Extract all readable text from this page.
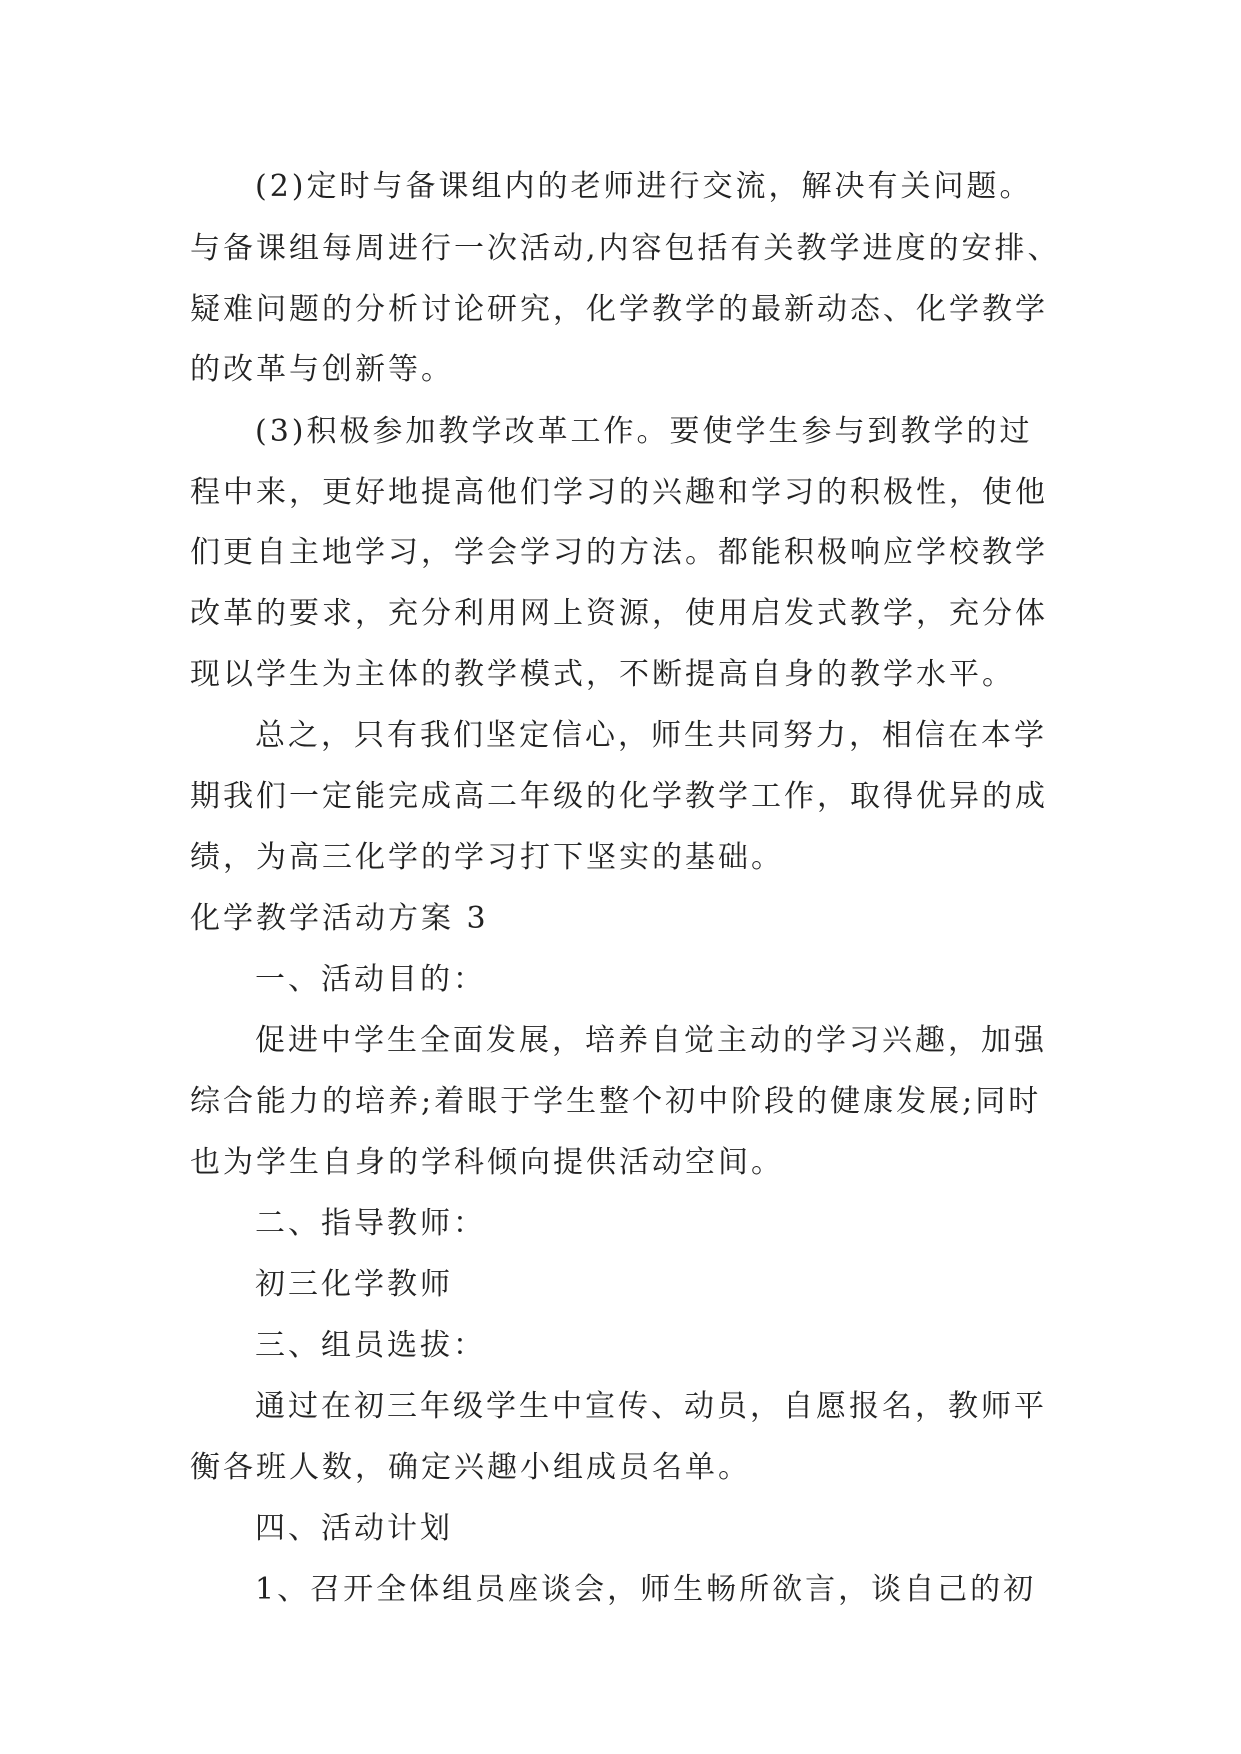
(2)定时与备课组内的老师进行交流，解决有关问题。
与备课组每周进行一次活动,内容包括有关教学进度的安排、
疑难问题的分析讨论研究，化学教学的最新动态、化学教学
的改革与创新等。
(3)积极参加教学改革工作。要使学生参与到教学的过
程中来，更好地提高他们学习的兴趣和学习的积极性，使他
们更自主地学习，学会学习的方法。都能积极响应学校教学
改革的要求，充分利用网上资源，使用启发式教学，充分体
现以学生为主体的教学模式，不断提高自身的教学水平。
总之，只有我们坚定信心，师生共同努力，相信在本学
期我们一定能完成高二年级的化学教学工作，取得优异的成
绩，为高三化学的学习打下坚实的基础。
化学教学活动方案 3
一、活动目的：
促进中学生全面发展，培养自觉主动的学习兴趣，加强
综合能力的培养;着眼于学生整个初中阶段的健康发展;同时
也为学生自身的学科倾向提供活动空间。
二、指导教师：
初三化学教师
三、组员选拔：
通过在初三年级学生中宣传、动员，自愿报名，教师平
衡各班人数，确定兴趣小组成员名单。
四、活动计划
1、召开全体组员座谈会，师生畅所欲言，谈自己的初
